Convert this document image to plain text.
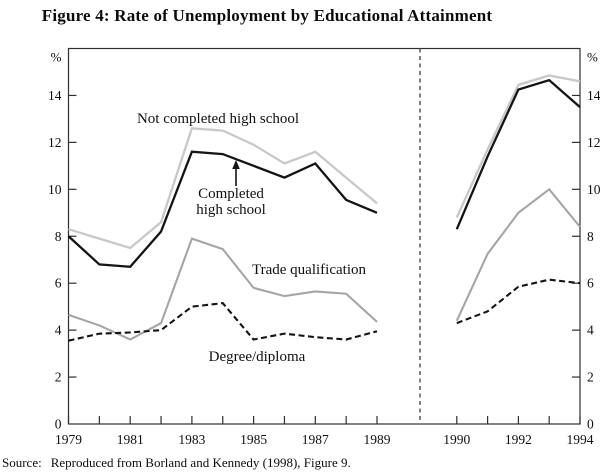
Figure 4: Rate of Unemployment by Educational Attainment
0	0
2	2
4	4
6	6
8	8
10	10
12	12
14	14
%	%
1979	1981	1983	1985	1987	1989	1990	1992	1994
Not completed high school
Completed
high school
Trade qualification
Degree/diploma
Source: Reproduced from Borland and Kennedy (1998), Figure 9.
